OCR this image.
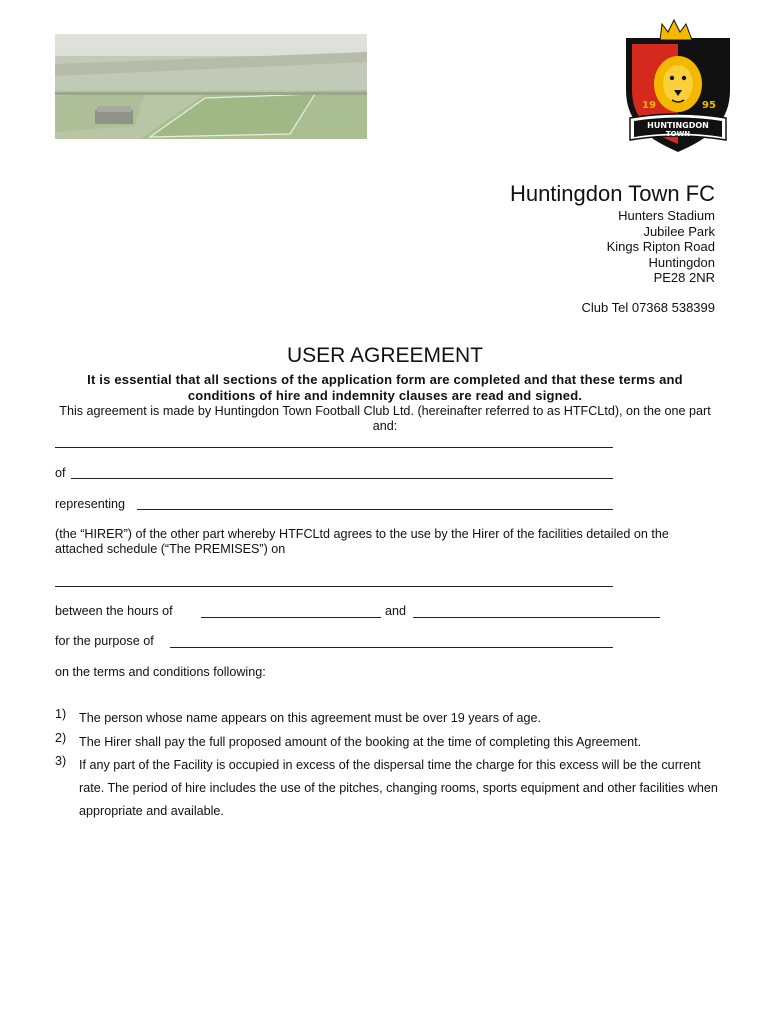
19	95
HUNTINGDON
TOWN
Huntingdon Town FC
Hunters Stadium
Jubilee Park
Kings Ripton Road
Huntingdon
PE28 2NR
Club Tel 07368 538399
USER AGREEMENT
It is essential that all sections of the application form are completed and that these terms and conditions of hire and indemnity clauses are read and signed.
This agreement is made by Huntingdon Town Football Club Ltd. (hereinafter referred to as HTFCLtd), on the one part and:
of
representing
(the “HIRER”) of the other part whereby HTFCLtd agrees to the use by the Hirer of the facilities detailed on the attached schedule (“The PREMISES”) on
between the hours of	and
for the purpose of
on the terms and conditions following:
1) The person whose name appears on this agreement must be over 19 years of age.
2) The Hirer shall pay the full proposed amount of the booking at the time of completing this Agreement.
3) If any part of the Facility is occupied in excess of the dispersal time the charge for this excess will be the current rate. The period of hire includes the use of the pitches, changing rooms, sports equipment and other facilities when appropriate and available.
